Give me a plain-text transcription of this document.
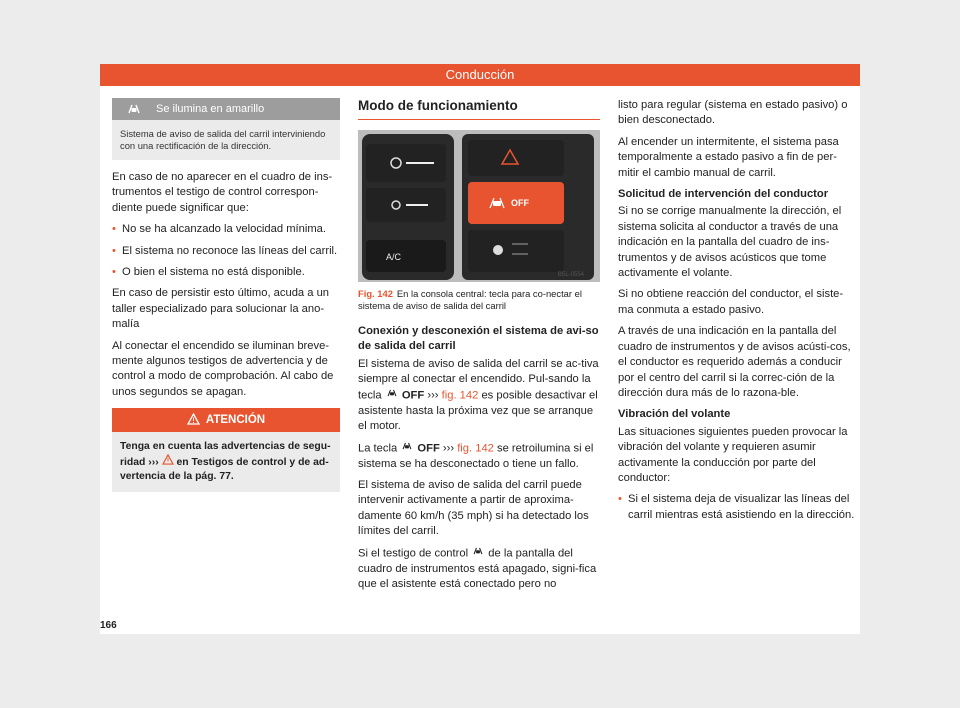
Conducción
Se ilumina en amarillo
Sistema de aviso de salida del carril interviniendo con una rectificación de la dirección.

En caso de no aparecer en el cuadro de ins-trumentos el testigo de control correspon-diente puede significar que:

• No se ha alcanzado la velocidad mínima.
• El sistema no reconoce las líneas del carril.
• O bien el sistema no está disponible.

En caso de persistir esto último, acuda a un taller especializado para solucionar la ano-malía

Al conectar el encendido se iluminan breve-mente algunos testigos de advertencia y de control a modo de comprobación. Al cabo de unos segundos se apagan.

ATENCIÓN
Tenga en cuenta las advertencias de segu-ridad ››› en Testigos de control y de ad-vertencia de la pág. 77.
Modo de funcionamiento
A/C
OFF
B5L-0554
Fig. 142 En la consola central: tecla para co-nectar el sistema de aviso de salida del carril
Conexión y desconexión el sistema de avi-so de salida del carril

El sistema de aviso de salida del carril se ac-tiva siempre al conectar el encendido. Pul-sando la tecla OFF ››› fig. 142 es posible desactivar el asistente hasta la próxima vez que se arranque el motor.

La tecla OFF ››› fig. 142 se retroilumina si el sistema se ha desconectado o tiene un fallo.

El sistema de aviso de salida del carril puede intervenir activamente a partir de aproxima-damente 60 km/h (35 mph) si ha detectado los límites del carril.

Si el testigo de control de la pantalla del cuadro de instrumentos está apagado, signi-fica que el asistente está conectado pero no

listo para regular (sistema en estado pasivo) o bien desconectado.

Al encender un intermitente, el sistema pasa temporalmente a estado pasivo a fin de per-mitir el cambio manual de carril.

Solicitud de intervención del conductor

Si no se corrige manualmente la dirección, el sistema solicita al conductor a través de una indicación en la pantalla del cuadro de ins-trumentos y de avisos acústicos que tome activamente el volante.

Si no obtiene reacción del conductor, el siste-ma conmuta a estado pasivo.

A través de una indicación en la pantalla del cuadro de instrumentos y de avisos acústi-cos, el conductor es requerido además a conducir por el centro del carril si la correc-ción de la dirección dura más de lo razona-ble.

Vibración del volante

Las situaciones siguientes pueden provocar la vibración del volante y requieren asumir activamente la conducción por parte del conductor:

• Si el sistema deja de visualizar las líneas del carril mientras está asistiendo en la dirección.
166
